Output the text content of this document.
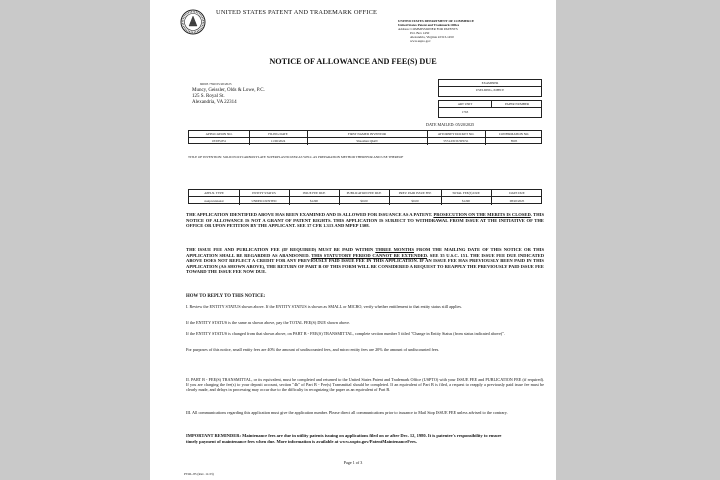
UNITED STATES PATENT AND TRADEMARK OFFICE
UNITED STATES DEPARTMENT OF COMMERCE
United States Patent and Trademark Office
Address: COMMISSIONER FOR PATENTS
P.O. Box 1450
Alexandria, Virginia 22313-1450
www.uspto.gov
NOTICE OF ALLOWANCE AND FEE(S) DUE
60003 7590 05/20/2025
Muncy, Geissler, Olds & Lowe, P.C.
125 S. Royal St.
Alexandria, VA 22314
EXAMINER
USELDING, JOHN E
ART UNIT	PAPER NUMBER
1763
DATE MAILED: 05/20/2025
APPLICATION NO.	FILING DATE	FIRST NAMED INVENTOR	ATTORNEY DOCKET NO.	CONFIRMATION NO.
18/935,851	11/06/2024	Shaozhen QIAN	5574-0315USPUS1	8505
TITLE OF INVENTION: SOLID POLYCARBOXYLATE SUPERPLASTICIZER AS WELL AS PREPARATION METHOD THEREFOR AND USE THEREOF
APPLN. TYPE	ENTITY STATUS	ISSUE FEE DUE	PUBLICATION FEE DUE	PREV. PAID ISSUE FEE	TOTAL FEE(S) DUE	DATE DUE
nonprovisional	UNDISCOUNTED	$1290	$0.00	$0.00	$1290	08/20/2025
THE APPLICATION IDENTIFIED ABOVE HAS BEEN EXAMINED AND IS ALLOWED FOR ISSUANCE AS A PATENT. PROSECUTION ON THE MERITS IS CLOSED. THIS NOTICE OF ALLOWANCE IS NOT A GRANT OF PATENT RIGHTS. THIS APPLICATION IS SUBJECT TO WITHDRAWAL FROM ISSUE AT THE INITIATIVE OF THE OFFICE OR UPON PETITION BY THE APPLICANT. SEE 37 CFR 1.313 AND MPEP 1308.
THE ISSUE FEE AND PUBLICATION FEE (IF REQUIRED) MUST BE PAID WITHIN THREE MONTHS FROM THE MAILING DATE OF THIS NOTICE OR THIS APPLICATION SHALL BE REGARDED AS ABANDONED. THIS STATUTORY PERIOD CANNOT BE EXTENDED. SEE 35 U.S.C. 151. THE ISSUE FEE DUE INDICATED ABOVE DOES NOT REFLECT A CREDIT FOR ANY PREVIOUSLY PAID ISSUE FEE IN THIS APPLICATION. IF AN ISSUE FEE HAS PREVIOUSLY BEEN PAID IN THIS APPLICATION (AS SHOWN ABOVE), THE RETURN OF PART B OF THIS FORM WILL BE CONSIDERED A REQUEST TO REAPPLY THE PREVIOUSLY PAID ISSUE FEE TOWARD THE ISSUE FEE NOW DUE.
HOW TO REPLY TO THIS NOTICE:
I. Review the ENTITY STATUS shown above. If the ENTITY STATUS is shown as SMALL or MICRO, verify whether entitlement to that entity status still applies.
If the ENTITY STATUS is the same as shown above, pay the TOTAL FEE(S) DUE shown above.
If the ENTITY STATUS is changed from that shown above, on PART B - FEE(S) TRANSMITTAL, complete section number 5 titled "Change in Entity Status (from status indicated above)".
For purposes of this notice, small entity fees are 40% the amount of undiscounted fees, and micro entity fees are 20% the amount of undiscounted fees.
II. PART B - FEE(S) TRANSMITTAL, or its equivalent, must be completed and returned to the United States Patent and Trademark Office (USPTO) with your ISSUE FEE and PUBLICATION FEE (if required). If you are charging the fee(s) to your deposit account, section "4b" of Part B - Fee(s) Transmittal should be completed. If an equivalent of Part B is filed, a request to reapply a previously paid issue fee must be clearly made, and delays in processing may occur due to the difficulty in recognizing the paper as an equivalent of Part B.
III. All communications regarding this application must give the application number. Please direct all communications prior to issuance to Mail Stop ISSUE FEE unless advised to the contrary.
IMPORTANT REMINDER: Maintenance fees are due in utility patents issuing on applications filed on or after Dec. 12, 1980. It is patentee's responsibility to ensure timely payment of maintenance fees when due. More information is available at www.uspto.gov/PatentMaintenanceFees.
Page 1 of 3
PTOL-85 (Rev. 11/23)
